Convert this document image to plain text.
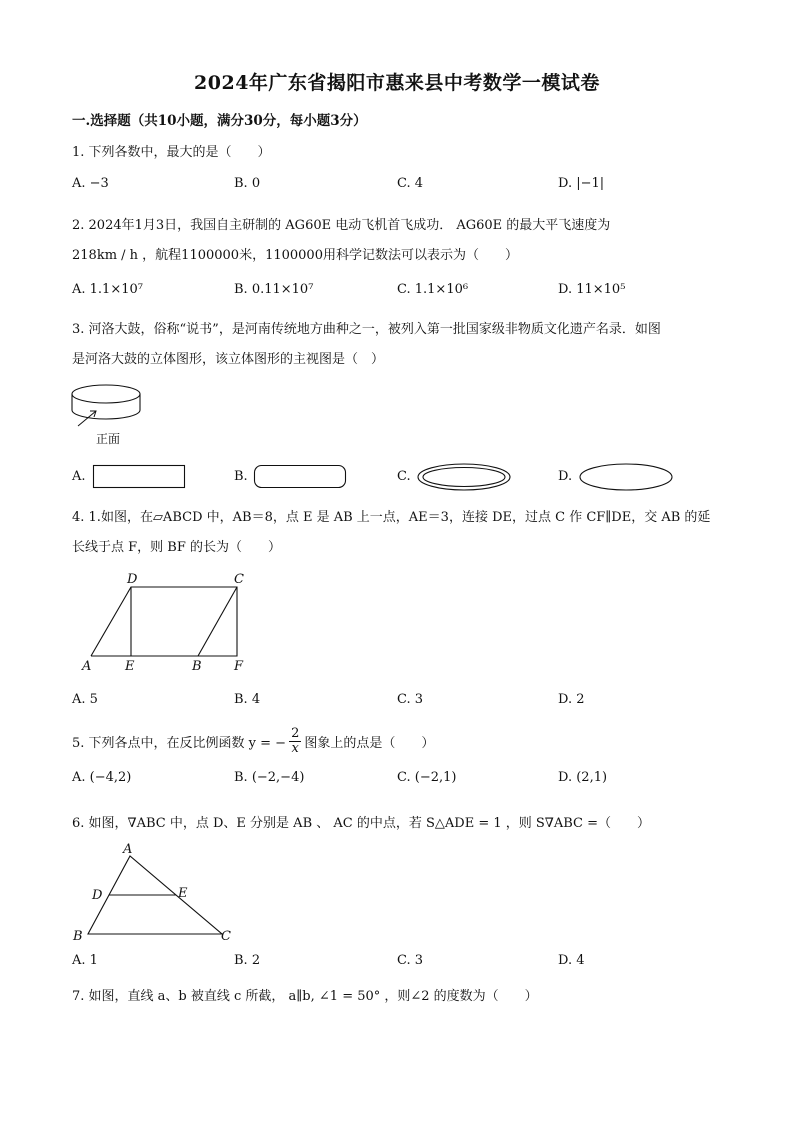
2024年广东省揭阳市惠来县中考数学一模试卷
一.选择题（共10小题，满分30分，每小题3分）
1. 下列各数中，最大的是（　　）
A. −3	B. 0	C. 4	D. |−1|
2. 2024年1月3日，我国自主研制的 AG60E 电动飞机首飞成功． AG60E 的最大平飞速度为
218km / h ，航程1100000米，1100000用科学记数法可以表示为（　　）
A. 1.1×10⁷	B. 0.11×10⁷	C. 1.1×10⁶	D. 11×10⁵
3. 河洛大鼓，俗称“说书”，是河南传统地方曲种之一，被列入第一批国家级非物质文化遗产名录．如图
是河洛大鼓的立体图形，该立体图形的主视图是（　）
正面
A.	B.	C.	D.
4. 1.如图，在▱ABCD 中，AB＝8，点 E 是 AB 上一点，AE＝3，连接 DE，过点 C 作 CF∥DE，交 AB 的延
长线于点 F，则 BF 的长为（　　）
D	C
A	E	B F
A. 5	B. 4	C. 3	D. 2
5. 下列各点中，在反比例函数 y = − $\frac{2}{x}$ 图象上的点是（　　）
A. (−4,2)	B. (−2,−4)	C. (−2,1)	D. (2,1)
6. 如图，∇ABC 中，点 D、E 分别是 AB 、 AC 的中点，若 S△ADE = 1 ，则 S∇ABC =（　　）
A
D	E
B	C
A. 1	B. 2	C. 3	D. 4
7. 如图，直线 a、b 被直线 c 所截， a∥b, ∠1 = 50° ，则∠2 的度数为（　　）
